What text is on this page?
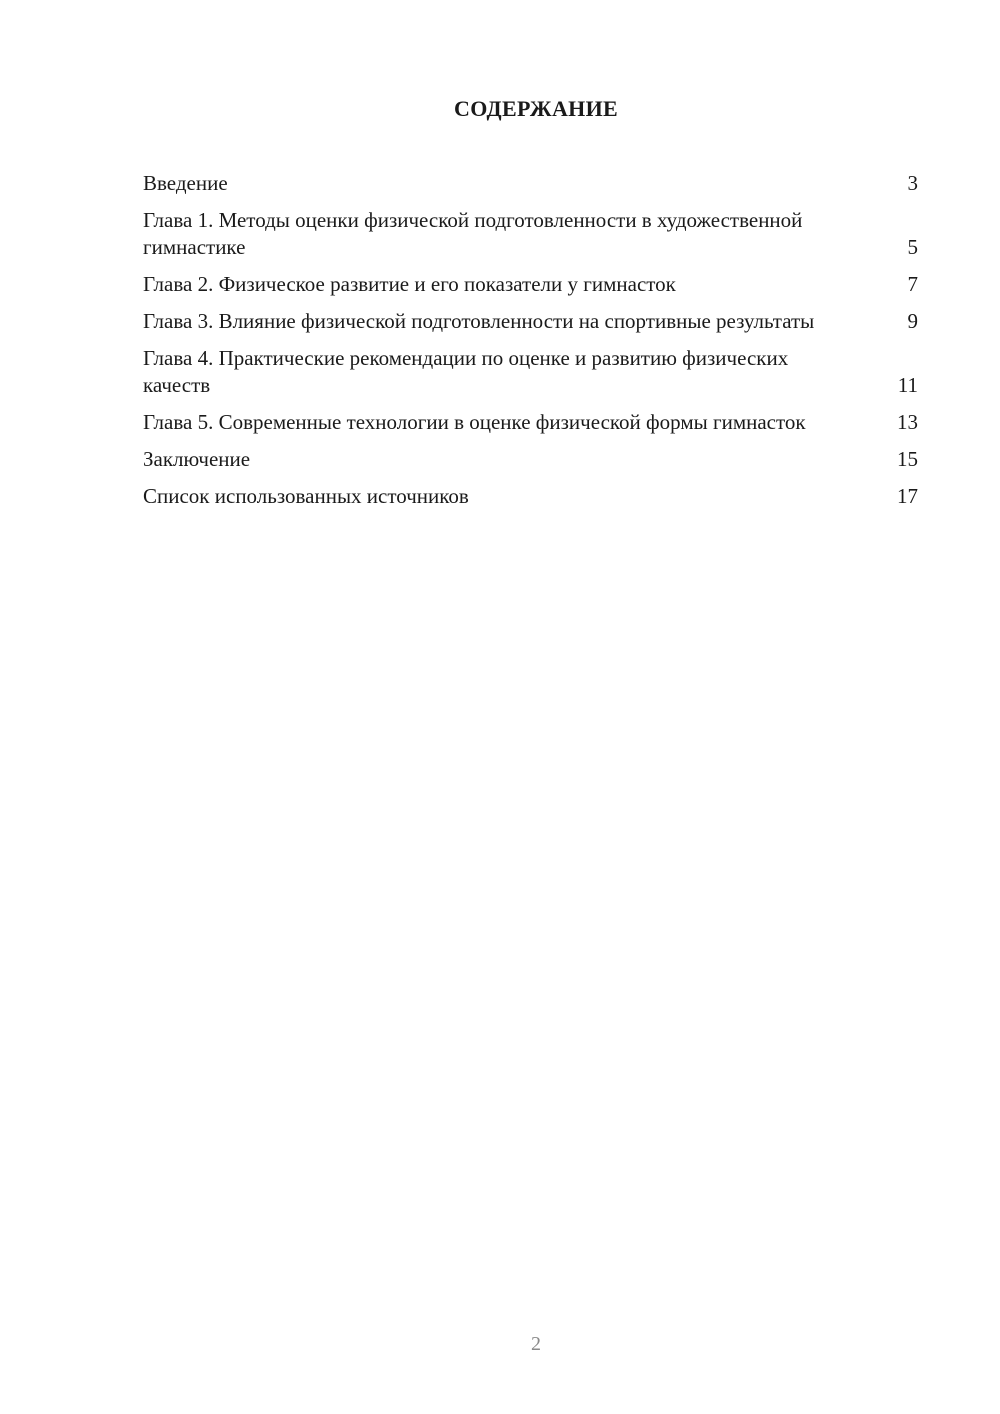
СОДЕРЖАНИЕ
Введение	3
Глава 1. Методы оценки физической подготовленности в художественной гимнастике	5
Глава 2. Физическое развитие и его показатели у гимнасток	7
Глава 3. Влияние физической подготовленности на спортивные результаты	9
Глава 4. Практические рекомендации по оценке и развитию физических качеств	11
Глава 5. Современные технологии в оценке физической формы гимнасток	13
Заключение	15
Список использованных источников	17
2
